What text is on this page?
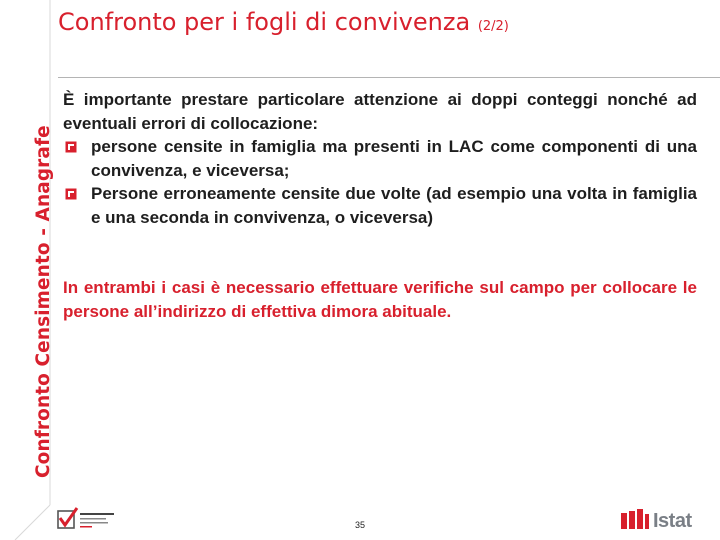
Confronto Censimento - Anagrafe
Confronto per i fogli di convivenza (2/2)

È importante prestare particolare attenzione ai doppi conteggi nonché ad eventuali errori di collocazione:

persone censite in famiglia ma presenti in LAC come componenti di una convivenza, e viceversa;
Persone erroneamente censite due volte (ad esempio una volta in famiglia e una seconda in convivenza, o viceversa)

In entrambi i casi è necessario effettuare verifiche sul campo per collocare le persone all’indirizzo di effettiva dimora abituale.

35	Istat
